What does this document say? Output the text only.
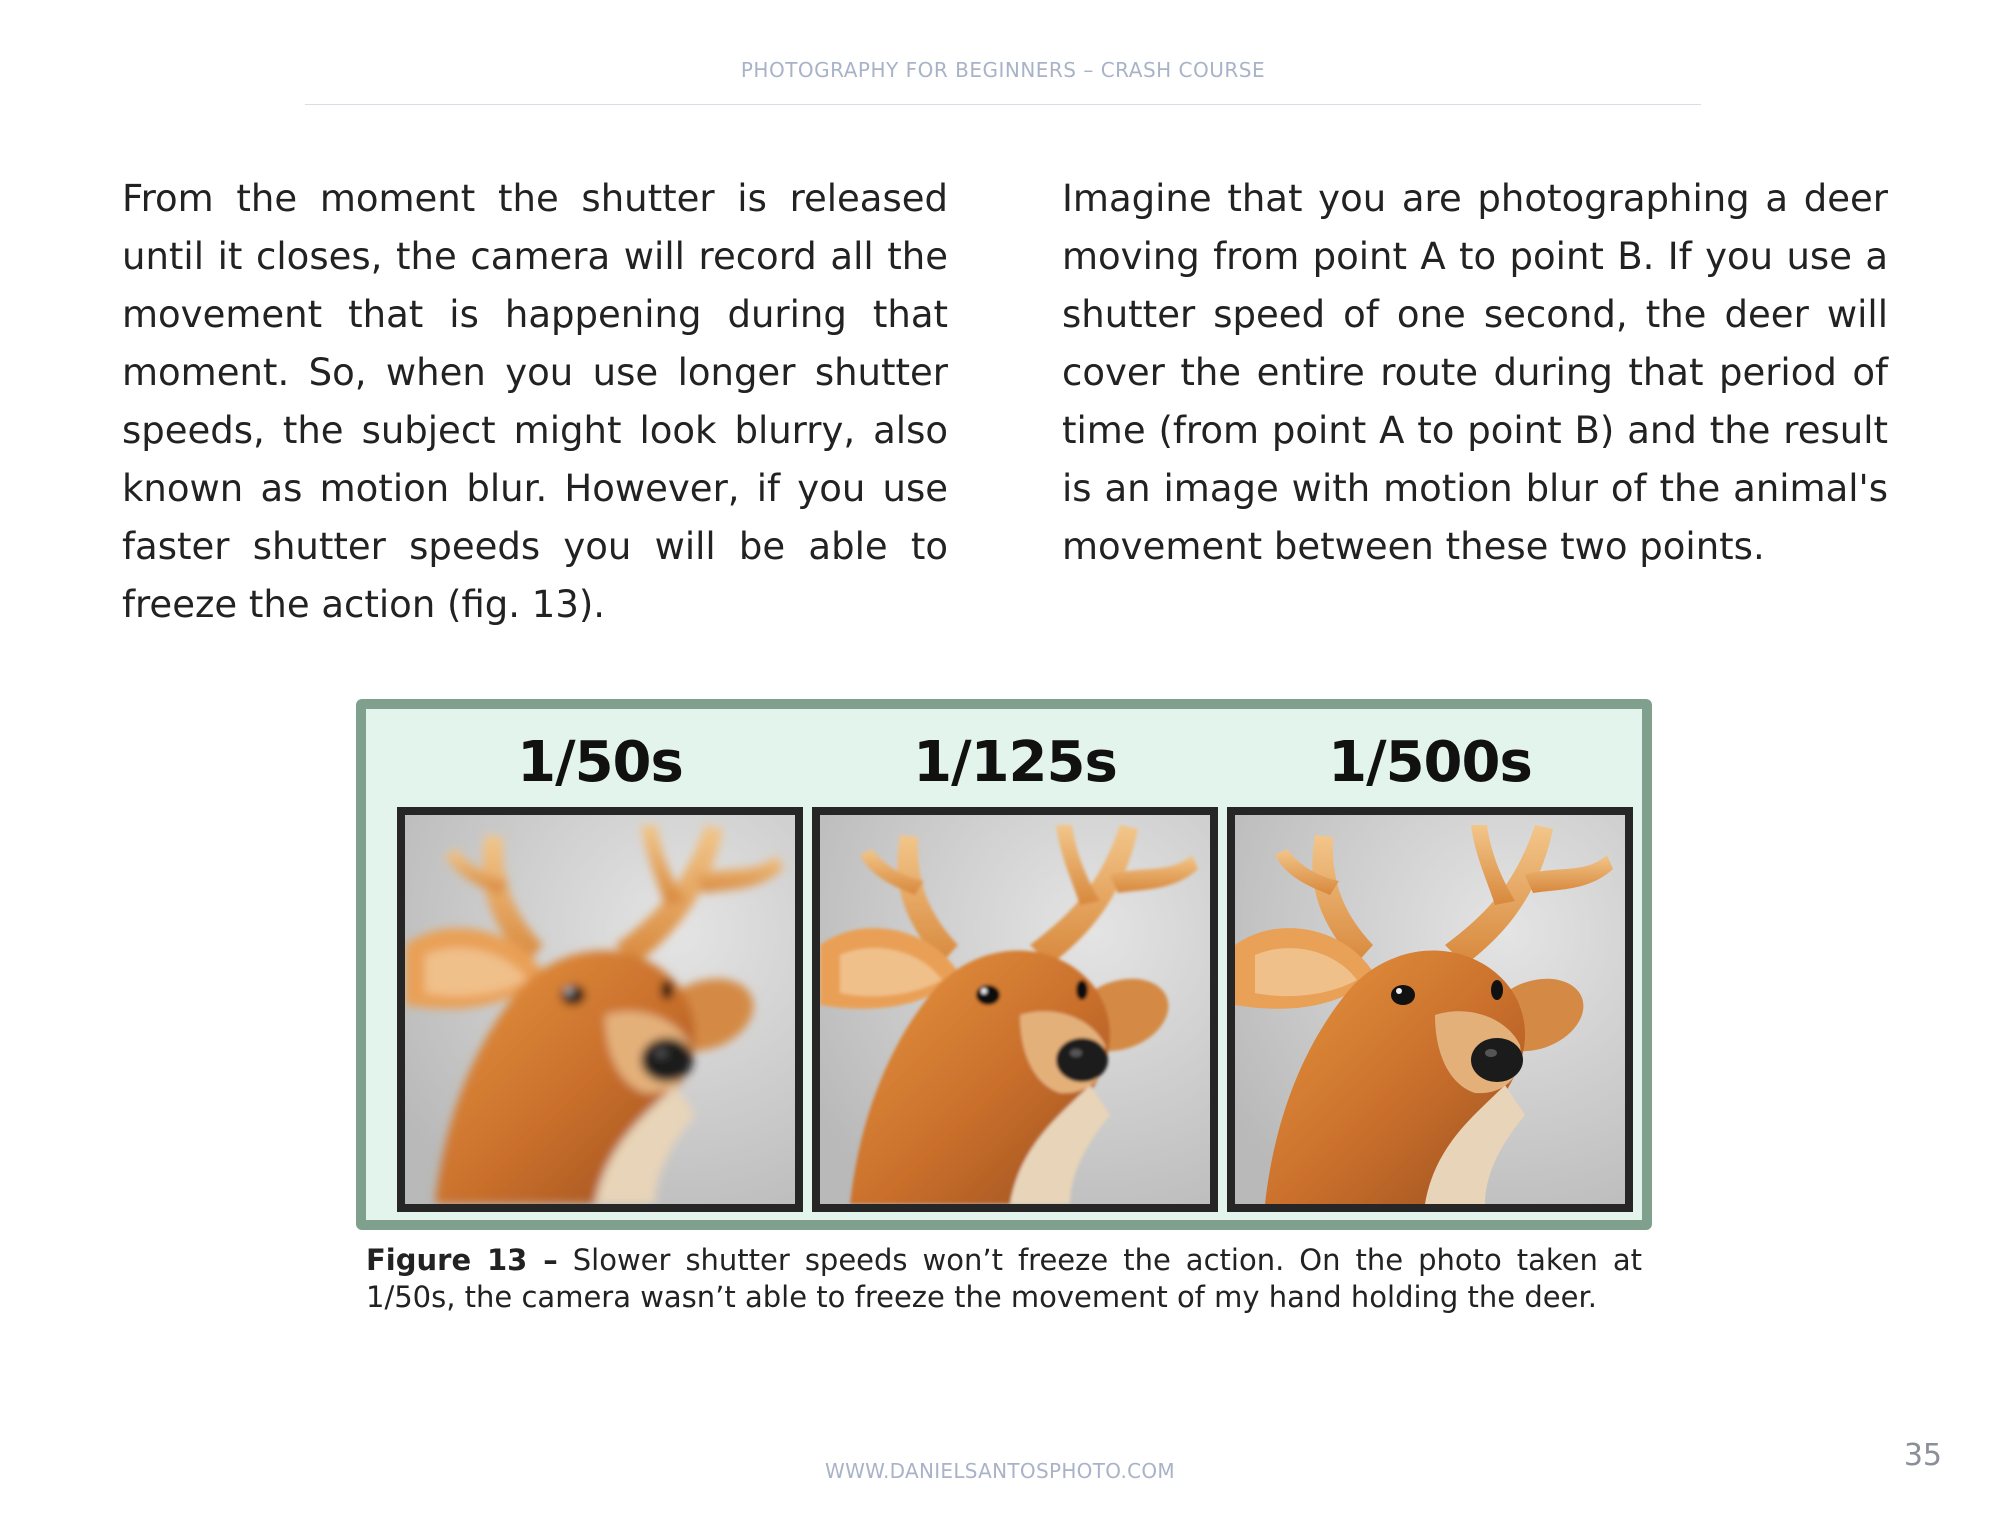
PHOTOGRAPHY FOR BEGINNERS – CRASH COURSE
From the moment the shutter is released until it closes, the camera will record all the movement that is happening during that moment. So, when you use longer shutter speeds, the subject might look blurry, also known as motion blur. However, if you use faster shutter speeds you will be able to freeze the action (fig. 13).
Imagine that you are photographing a deer moving from point A to point B. If you use a shutter speed of one second, the deer will cover the entire route during that period of time (from point A to point B) and the result is an image with motion blur of the animal's movement between these two points.
1/50s	1/125s	1/500s
Figure 13 – Slower shutter speeds won’t freeze the action. On the photo taken at 1/50s, the camera wasn’t able to freeze the movement of my hand holding the deer.
WWW.DANIELSANTOSPHOTO.COM	35
